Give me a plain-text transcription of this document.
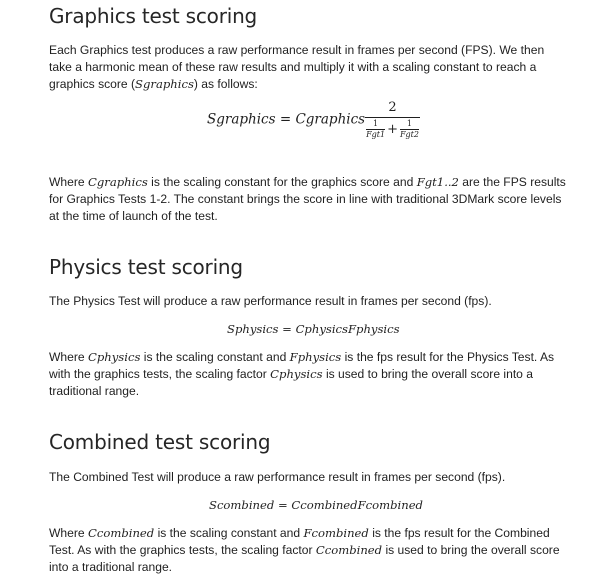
Graphics test scoring

Each Graphics test produces a raw performance result in frames per second (FPS). We then take a harmonic mean of these raw results and multiply it with a scaling constant to reach a graphics score (Sgraphics) as follows:

Sgraphics = Cgraphics
2
$\frac{1}{\text{Fgt1}} + \frac{1}{\text{Fgt2}}$

Where Cgraphics is the scaling constant for the graphics score and Fgt1..2 are the FPS results for Graphics Tests 1-2. The constant brings the score in line with traditional 3DMark score levels at the time of launch of the test.

Physics test scoring

The Physics Test will produce a raw performance result in frames per second (fps).

Sphysics = CphysicsFphysics

Where Cphysics is the scaling constant and Fphysics is the fps result for the Physics Test. As with the graphics tests, the scaling factor Cphysics is used to bring the overall score into a traditional range.

Combined test scoring

The Combined Test will produce a raw performance result in frames per second (fps).

Scombined = CcombinedFcombined

Where Ccombined is the scaling constant and Fcombined is the fps result for the Combined Test. As with the graphics tests, the scaling factor Ccombined is used to bring the overall score into a traditional range.
